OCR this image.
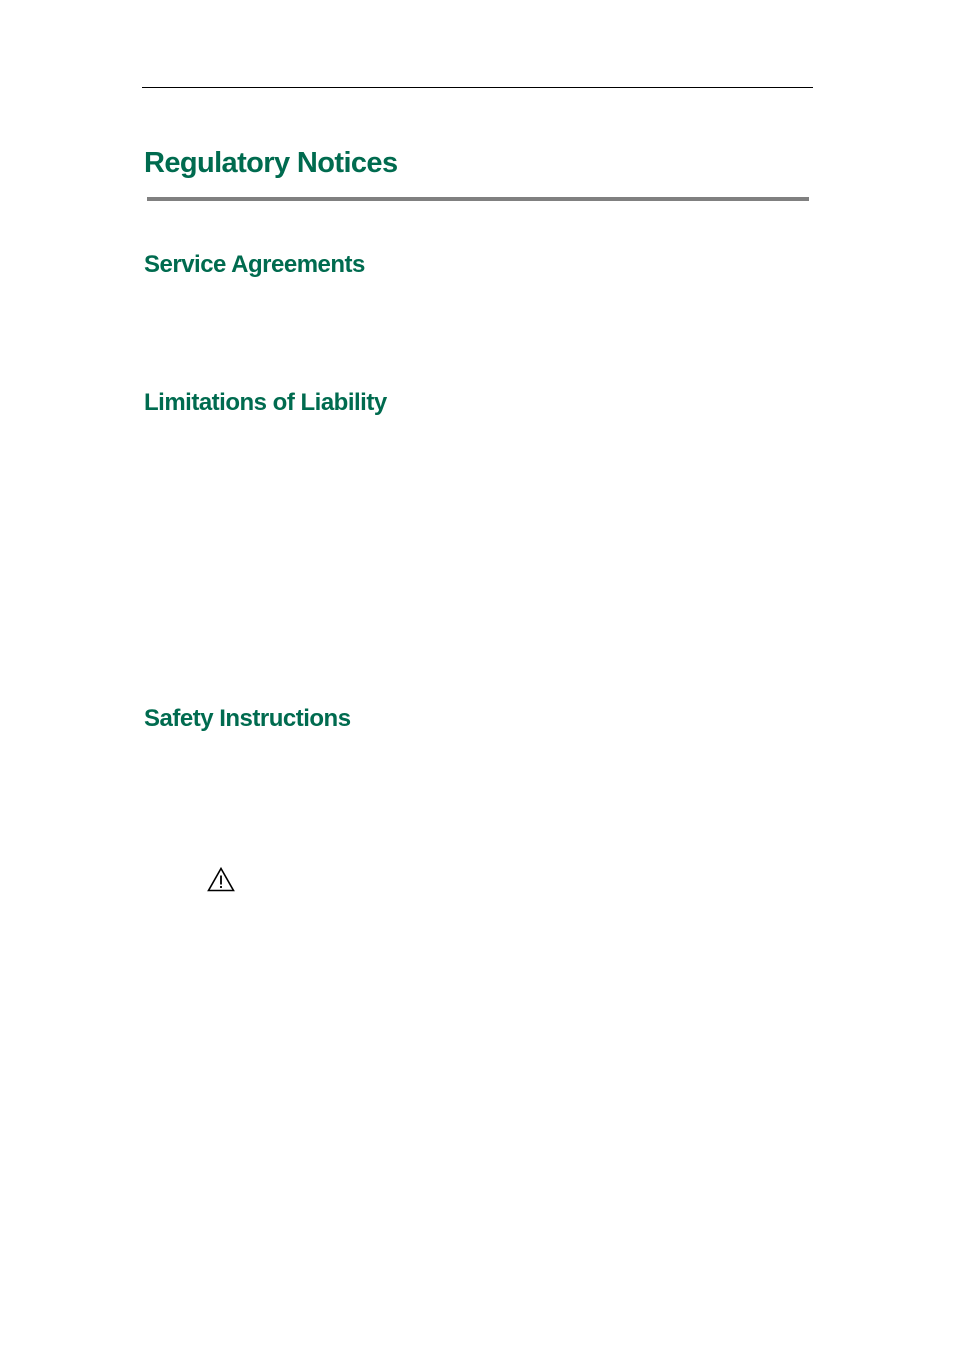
Regulatory Notices
Service Agreements
Limitations of Liability
Safety Instructions
